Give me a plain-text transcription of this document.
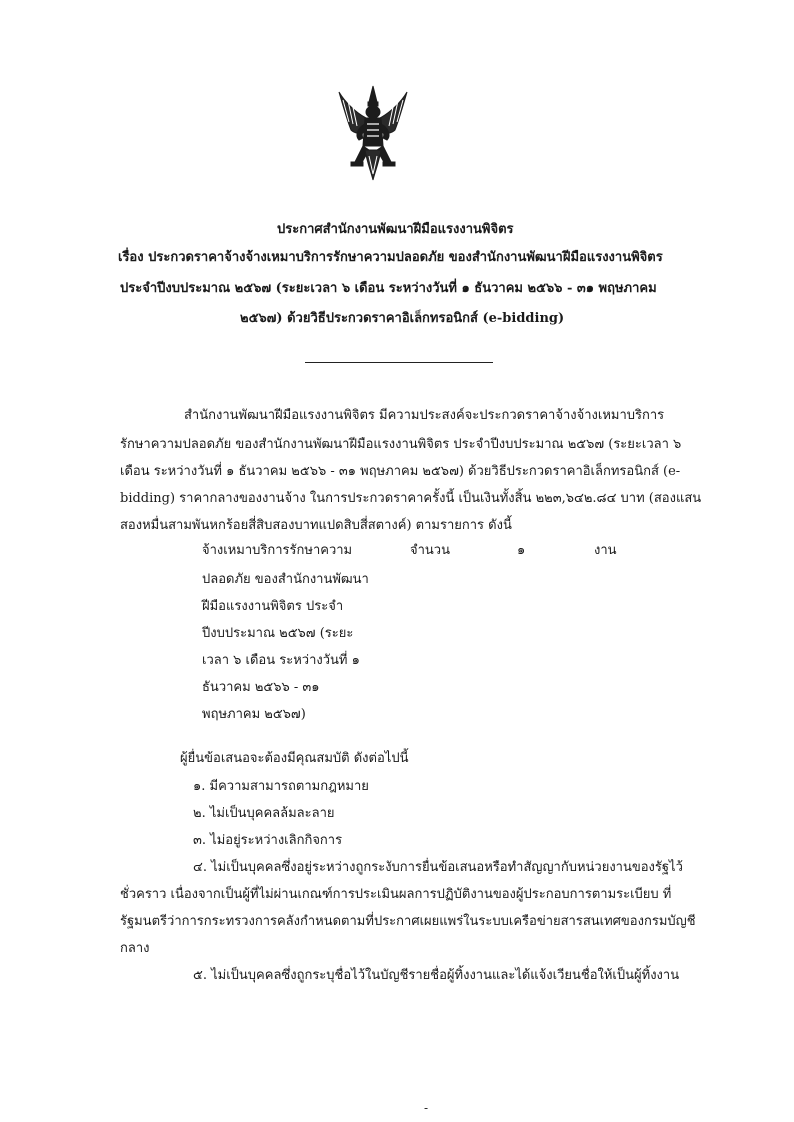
ประกาศสำนักงานพัฒนาฝีมือแรงงานพิจิตร
เรื่อง ประกวดราคาจ้างจ้างเหมาบริการรักษาความปลอดภัย ของสำนักงานพัฒนาฝีมือแรงงานพิจิตร
ประจำปีงบประมาณ ๒๕๖๗ (ระยะเวลา ๖ เดือน ระหว่างวันที่ ๑ ธันวาคม ๒๕๖๖ - ๓๑ พฤษภาคม
๒๕๖๗) ด้วยวิธีประกวดราคาอิเล็กทรอนิกส์ (e-bidding)
สำนักงานพัฒนาฝีมือแรงงานพิจิตร มีความประสงค์จะประกวดราคาจ้างจ้างเหมาบริการ
รักษาความปลอดภัย ของสำนักงานพัฒนาฝีมือแรงงานพิจิตร ประจำปีงบประมาณ ๒๕๖๗ (ระยะเวลา ๖
เดือน ระหว่างวันที่ ๑ ธันวาคม ๒๕๖๖ - ๓๑ พฤษภาคม ๒๕๖๗) ด้วยวิธีประกวดราคาอิเล็กทรอนิกส์ (e-
bidding) ราคากลางของงานจ้าง ในการประกวดราคาครั้งนี้ เป็นเงินทั้งสิ้น ๒๒๓,๖๔๒.๘๔ บาท (สองแสน
สองหมื่นสามพันหกร้อยสี่สิบสองบาทแปดสิบสี่สตางค์) ตามรายการ ดังนี้
จ้างเหมาบริการรักษาความ
ปลอดภัย ของสำนักงานพัฒนา
ฝีมือแรงงานพิจิตร ประจำ
ปีงบประมาณ ๒๕๖๗ (ระยะ
เวลา ๖ เดือน ระหว่างวันที่ ๑
ธันวาคม ๒๕๖๖ - ๓๑
พฤษภาคม ๒๕๖๗)
จำนวน	๑	งาน
ผู้ยื่นข้อเสนอจะต้องมีคุณสมบัติ ดังต่อไปนี้
๑. มีความสามารถตามกฎหมาย
๒. ไม่เป็นบุคคลล้มละลาย
๓. ไม่อยู่ระหว่างเลิกกิจการ
๔. ไม่เป็นบุคคลซึ่งอยู่ระหว่างถูกระงับการยื่นข้อเสนอหรือทำสัญญากับหน่วยงานของรัฐไว้
ชั่วคราว เนื่องจากเป็นผู้ที่ไม่ผ่านเกณฑ์การประเมินผลการปฏิบัติงานของผู้ประกอบการตามระเบียบ ที่
รัฐมนตรีว่าการกระทรวงการคลังกำหนดตามที่ประกาศเผยแพร่ในระบบเครือข่ายสารสนเทศของกรมบัญชี
กลาง
๕. ไม่เป็นบุคคลซึ่งถูกระบุชื่อไว้ในบัญชีรายชื่อผู้ทิ้งงานและได้แจ้งเวียนชื่อให้เป็นผู้ทิ้งงาน
-
